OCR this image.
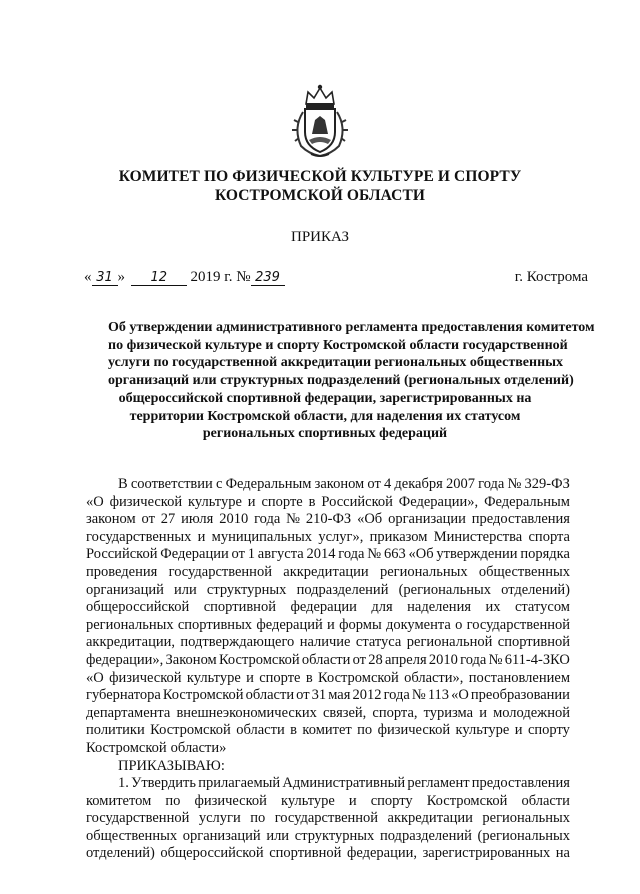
КОМИТЕТ ПО ФИЗИЧЕСКОЙ КУЛЬТУРЕ И СПОРТУ
КОСТРОМСКОЙ ОБЛАСТИ
ПРИКАЗ
« 31 » 12 2019 г. № 239	г. Кострома
Об утверждении административного регламента предоставления комитетом
по физической культуре и спорту Костромской области государственной
услуги по государственной аккредитации региональных общественных
организаций или структурных подразделений (региональных отделений)
общероссийской спортивной федерации, зарегистрированных на
территории Костромской области, для наделения их статусом
региональных спортивных федераций
В соответствии с Федеральным законом от 4 декабря 2007 года № 329-ФЗ
«О физической культуре и спорте в Российской Федерации», Федеральным
законом от 27 июля 2010 года № 210-ФЗ «Об организации предоставления
государственных и муниципальных услуг», приказом Министерства спорта
Российской Федерации от 1 августа 2014 года № 663 «Об утверждении порядка
проведения государственной аккредитации региональных общественных
организаций или структурных подразделений (региональных отделений)
общероссийской спортивной федерации для наделения их статусом
региональных спортивных федераций и формы документа о государственной
аккредитации, подтверждающего наличие статуса региональной спортивной
федерации», Законом Костромской области от 28 апреля 2010 года № 611-4-ЗКО
«О физической культуре и спорте в Костромской области», постановлением
губернатора Костромской области от 31 мая 2012 года № 113 «О преобразовании
департамента внешнеэкономических связей, спорта, туризма и молодежной
политики Костромской области в комитет по физической культуре и спорту
Костромской области»
ПРИКАЗЫВАЮ:
1. Утвердить прилагаемый Административный регламент предоставления
комитетом по физической культуре и спорту Костромской области
государственной услуги по государственной аккредитации региональных
общественных организаций или структурных подразделений (региональных
отделений) общероссийской спортивной федерации, зарегистрированных на
